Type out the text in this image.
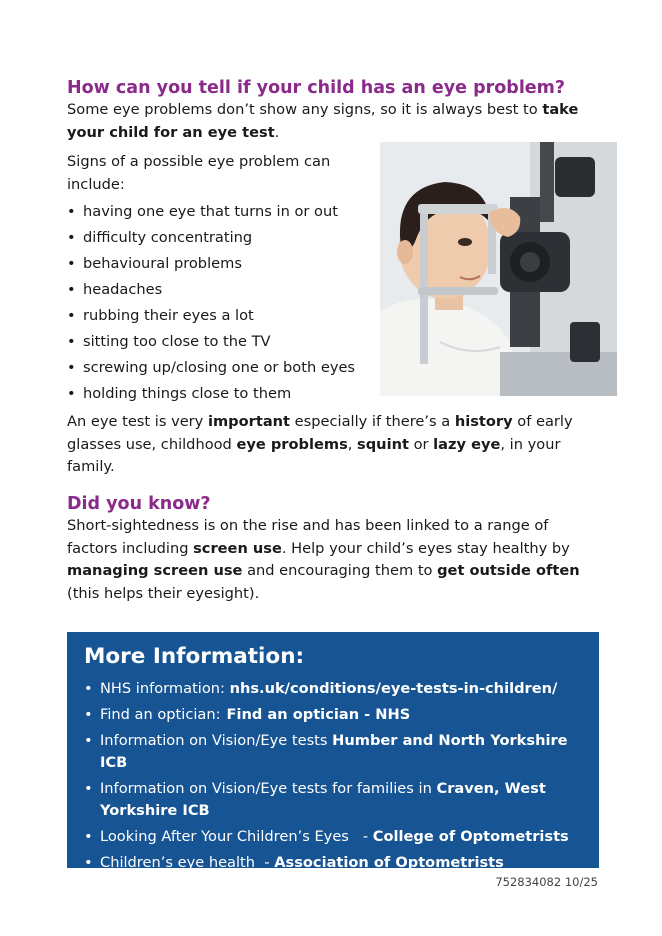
How can you tell if your child has an eye problem?

Some eye problems don’t show any signs, so it is always best to take your child for an eye test.

Signs of a possible eye problem can include:

• having one eye that turns in or out
• difficulty concentrating
• behavioural problems
• headaches
• rubbing their eyes a lot
• sitting too close to the TV
• screwing up/closing one or both eyes
• holding things close to them

An eye test is very important especially if there’s a history of early glasses use, childhood eye problems, squint or lazy eye, in your family.

Did you know?

Short-sightedness is on the rise and has been linked to a range of factors including screen use. Help your child’s eyes stay healthy by managing screen use and encouraging them to get outside often (this helps their eyesight).

More Information:
• NHS information: nhs.uk/conditions/eye-tests-in-children/
• Find an optician: Find an optician - NHS
• Information on Vision/Eye tests Humber and North Yorkshire ICB
• Information on Vision/Eye tests for families in Craven, West Yorkshire ICB
• Looking After Your Children’s Eyes   - College of Optometrists
• Children’s eye health  - Association of Optometrists
752834082 10/25
